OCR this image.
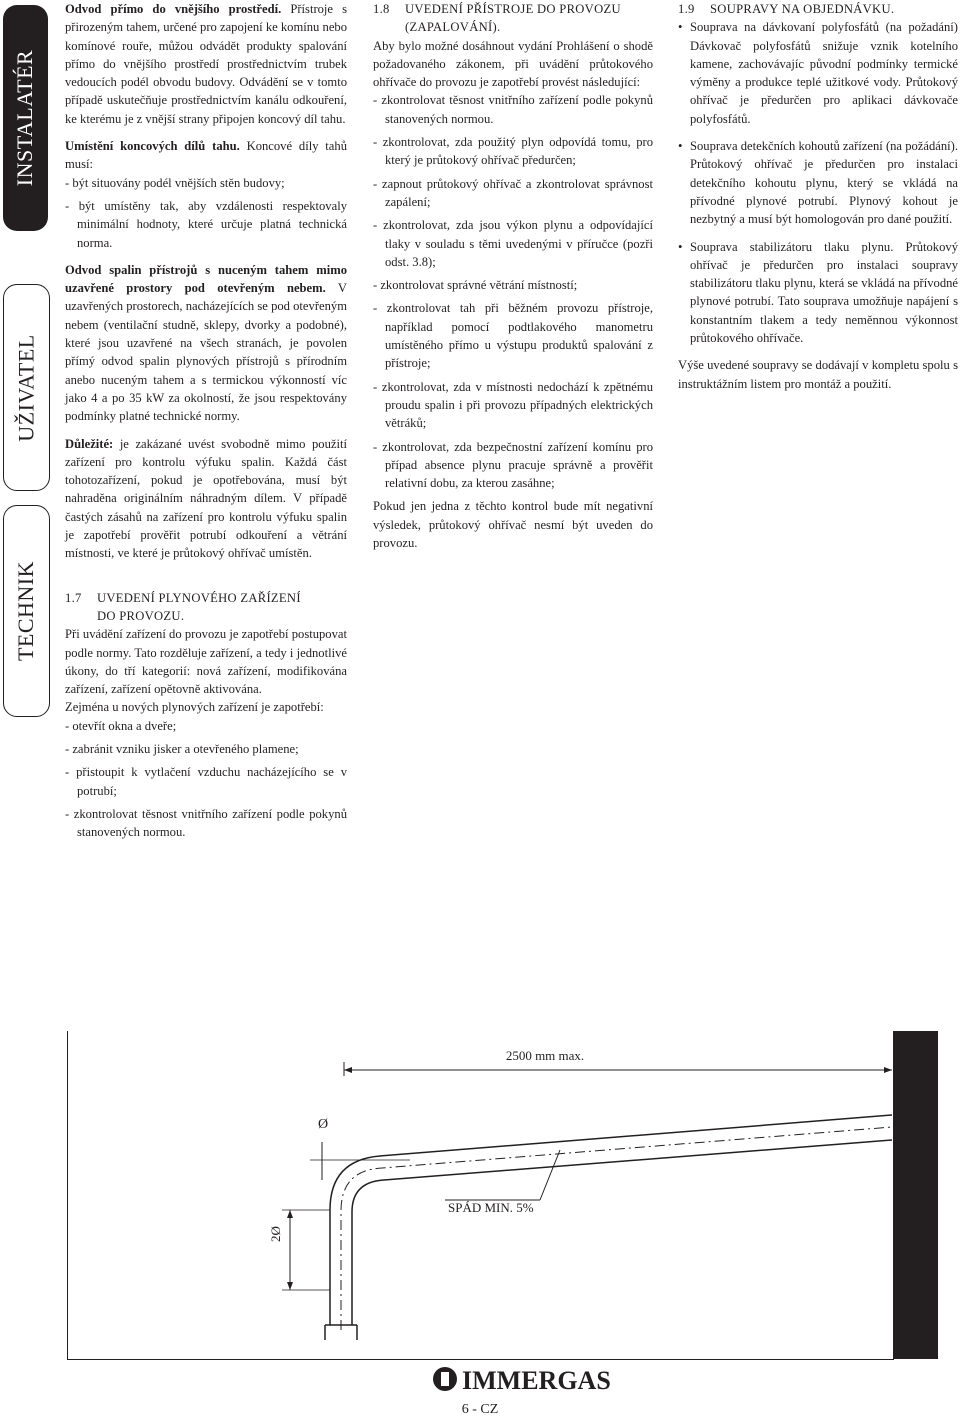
INSTALATÉR
UŽIVATEL
TECHNIK

Odvod přímo do vnějšího prostředí. Přístroje s přirozeným tahem, určené pro zapojení ke komínu nebo komínové rouře, můžou odvádět produkty spalování přímo do vnějšího prostředí prostřednictvím trubek vedoucích podél obvodu budovy. Odvádění se v tomto případě uskutečňuje prostřednictvím kanálu odkouření, ke kterému je z vnější strany připojen koncový díl tahu.

Umístění koncových dílů tahu. Koncové díly tahů musí:

- být situovány podél vnějších stěn budovy;

- být umístěny tak, aby vzdálenosti respektovaly minimální hodnoty, které určuje platná technická norma.

Odvod spalin přístrojů s nuceným tahem mimo uzavřené prostory pod otevřeným nebem. V uzavřených prostorech, nacházejících se pod otevřeným nebem (ventilační studně, sklepy, dvorky a podobné), které jsou uzavřené na všech stranách, je povolen přímý odvod spalin plynových přístrojů s přírodním anebo nuceným tahem a s termickou výkonností víc jako 4 a po 35 kW za okolností, že jsou respektovány podmínky platné technické normy.

Důležité: je zakázané uvést svobodně mimo použití zařízení pro kontrolu výfuku spalin. Každá část tohotozařízení, pokud je opotřebována, musí být nahraděna originálním náhradným dílem. V případě častých zásahů na zařízení pro kontrolu výfuku spalin je zapotřebí prověřit potrubí odkouření a větrání místnosti, ve které je průtokový ohřívač umístěn.

1.7 UVEDENÍ PLYNOVÉHO ZAŘÍZENÍ
DO PROVOZU.

Při uvádění zařízení do provozu je zapotřebí postupovat podle normy. Tato rozděluje zařízení, a tedy i jednotlivé úkony, do tří kategorií: nová zařízení, modifikována zařízení, zařízení opětovně aktivována.

Zejména u nových plynových zařízení je zapotřebí:

- otevřít okna a dveře;

- zabránit vzniku jisker a otevřeného plamene;

- přistoupit k vytlačení vzduchu nacházejícího se v potrubí;

- zkontrolovat těsnost vnitřního zařízení podle pokynů stanovených normou.

1.8 UVEDENÍ PŘÍSTROJE DO PROVOZU
(ZAPALOVÁNÍ).

Aby bylo možné dosáhnout vydání Prohlášení o shodě požadovaného zákonem, při uvádění průtokového ohřívače do provozu je zapotřebí provést následující:

- zkontrolovat těsnost vnitřního zařízení podle pokynů stanovených normou.

- zkontrolovat, zda použitý plyn odpovídá tomu, pro který je průtokový ohřívač předurčen;

- zapnout průtokový ohřívač a zkontrolovat správnost zapálení;

- zkontrolovat, zda jsou výkon plynu a odpovídající tlaky v souladu s těmi uvedenými v příručce (pozři odst. 3.8);

- zkontrolovat správné větrání místností;

- zkontrolovat tah při běžném provozu přístroje, například pomocí podtlakového manometru umístěného přímo u výstupu produktů spalování z přístroje;

- zkontrolovat, zda v místnosti nedochází k zpětnému proudu spalin i při provozu případných elektrických větráků;

- zkontrolovat, zda bezpečnostní zařízení komínu pro případ absence plynu pracuje správně a prověřit relativní dobu, za kterou zasáhne;

Pokud jen jedna z těchto kontrol bude mít negativní výsledek, průtokový ohřívač nesmí být uveden do provozu.

1.9 SOUPRAVY NA OBJEDNÁVKU.
• Souprava na dávkovaní polyfosfátů (na požadání) Dávkovač polyfosfátů snižuje vznik kotelního kamene, zachovávajíc původní podmínky termické výměny a produkce teplé užitkové vody. Průtokový ohřívač je předurčen pro aplikaci dávkovače polyfosfátů.
• Souprava detekčních kohoutů zařízení (na požádání). Průtokový ohřívač je předurčen pro instalaci detekčního kohoutu plynu, který se vkládá na přívodné plynové potrubí. Plynový kohout je nezbytný a musí být homologován pro dané použití.
• Souprava stabilizátoru tlaku plynu. Průtokový ohřívač je předurčen pro instalaci soupravy stabilizátoru tlaku plynu, která se vkládá na přívodné plynové potrubí. Tato souprava umožňuje napájení s konstantním tlakem a tedy neměnnou výkonnost průtokového ohřívače.

Výše uvedené soupravy se dodávají v kompletu spolu s instruktážním listem pro montáž a použití.

2500 mm max.
Ø
SPÁD MIN. 5%
2Ø
1-4
IMMERGAS
6 - CZ
